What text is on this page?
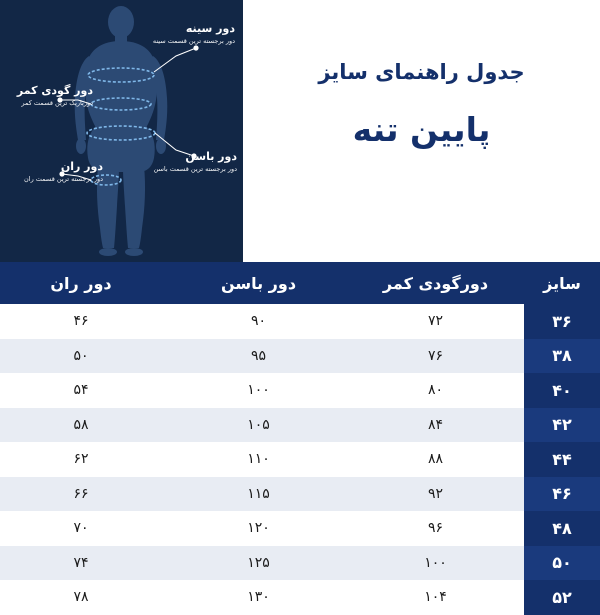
جدول راهنمای سایز
پایین تنه
دور سینه
دور برجسته ترین قسمت سینه
دور گودی کمر
دورباریک ترین قسمت کمر
دور باسن
دور برجسته ترین قسمت باسن
دور ران
دور برجسته ترین قسمت ران
سایز	دورگودی کمر	دور باسن	دور ران
۳۶	۷۲	۹۰	۴۶
۳۸	۷۶	۹۵	۵۰
۴۰	۸۰	۱۰۰	۵۴
۴۲	۸۴	۱۰۵	۵۸
۴۴	۸۸	۱۱۰	۶۲
۴۶	۹۲	۱۱۵	۶۶
۴۸	۹۶	۱۲۰	۷۰
۵۰	۱۰۰	۱۲۵	۷۴
۵۲	۱۰۴	۱۳۰	۷۸
